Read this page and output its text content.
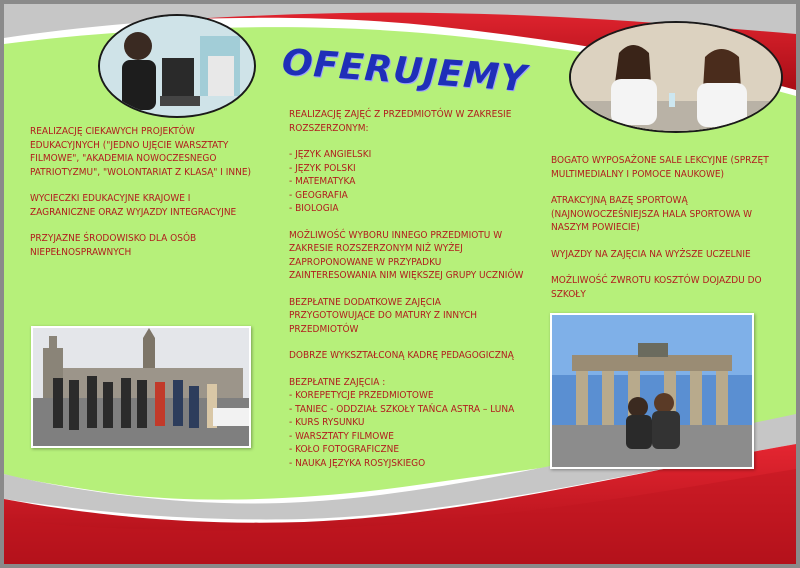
OFERUJEMY

REALIZACJĘ CIEKAWYCH PROJEKTÓW EDUKACYJNYCH ("JEDNO UJĘCIE WARSZTATY FILMOWE", "AKADEMIA NOWOCZESNEGO PATRIOTYZMU", "WOLONTARIAT Z KLASĄ" I INNE)

WYCIECZKI EDUKACYJNE KRAJOWE I ZAGRANICZNE ORAZ WYJAZDY INTEGRACYJNE

PRZYJAZNE ŚRODOWISKO DLA OSÓB NIEPEŁNOSPRAWNYCH

REALIZACJĘ ZAJĘĆ Z PRZEDMIOTÓW W ZAKRESIE ROZSZERZONYM:

- JĘZYK ANGIELSKI
- JĘZYK POLSKI
- MATEMATYKA
- GEOGRAFIA
- BIOLOGIA

MOŻLIWOŚĆ WYBORU INNEGO PRZEDMIOTU W ZAKRESIE ROZSZERZONYM NIŻ WYŻEJ ZAPROPONOWANE W PRZYPADKU ZAINTERESOWANIA NIM WIĘKSZEJ GRUPY UCZNIÓW

BEZPŁATNE DODATKOWE ZAJĘCIA PRZYGOTOWUJĄCE DO MATURY Z INNYCH PRZEDMIOTÓW

DOBRZE WYKSZTAŁCONĄ KADRĘ PEDAGOGICZNĄ

BEZPŁATNE ZAJĘCIA :
- KOREPETYCJE PRZEDMIOTOWE
- TANIEC - ODDZIAŁ SZKOŁY TAŃCA ASTRA – LUNA
- KURS RYSUNKU
- WARSZTATY FILMOWE
- KOŁO FOTOGRAFICZNE
- NAUKA JĘZYKA ROSYJSKIEGO

BOGATO WYPOSAŻONE SALE LEKCYJNE (SPRZĘT MULTIMEDIALNY I POMOCE NAUKOWE)

ATRAKCYJNĄ BAZĘ SPORTOWĄ (NAJNOWOCZEŚNIEJSZA HALA SPORTOWA W NASZYM POWIECIE)

WYJAZDY NA ZAJĘCIA NA WYŻSZE UCZELNIE

MOŻLIWOŚĆ ZWROTU KOSZTÓW DOJAZDU DO SZKOŁY
